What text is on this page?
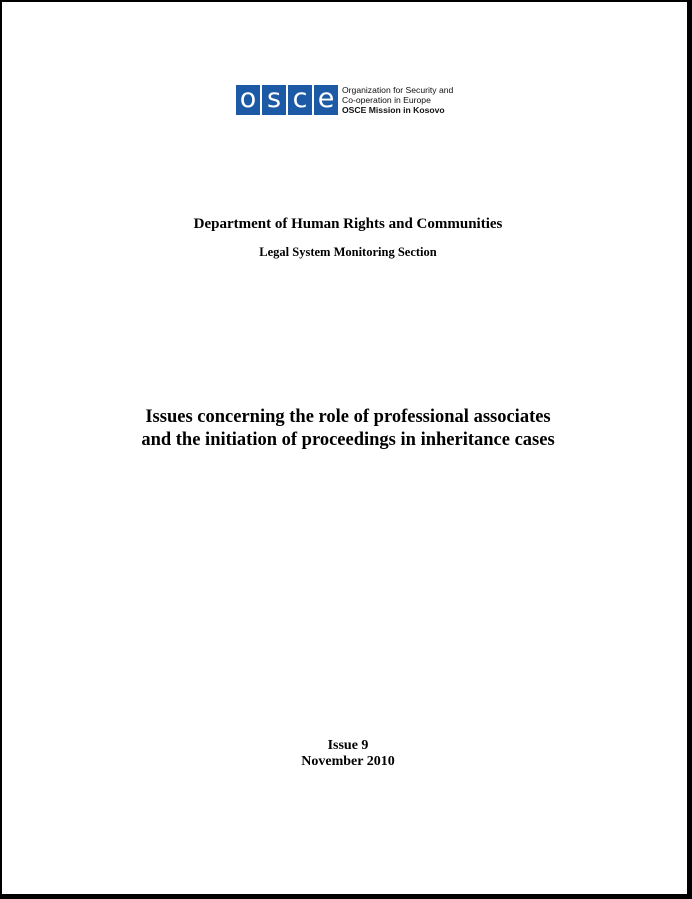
o s c e Organization for Security and
Co-operation in Europe
OSCE Mission in Kosovo
Department of Human Rights and Communities
Legal System Monitoring Section
Issues concerning the role of professional associates
and the initiation of proceedings in inheritance cases
Issue 9
November 2010
